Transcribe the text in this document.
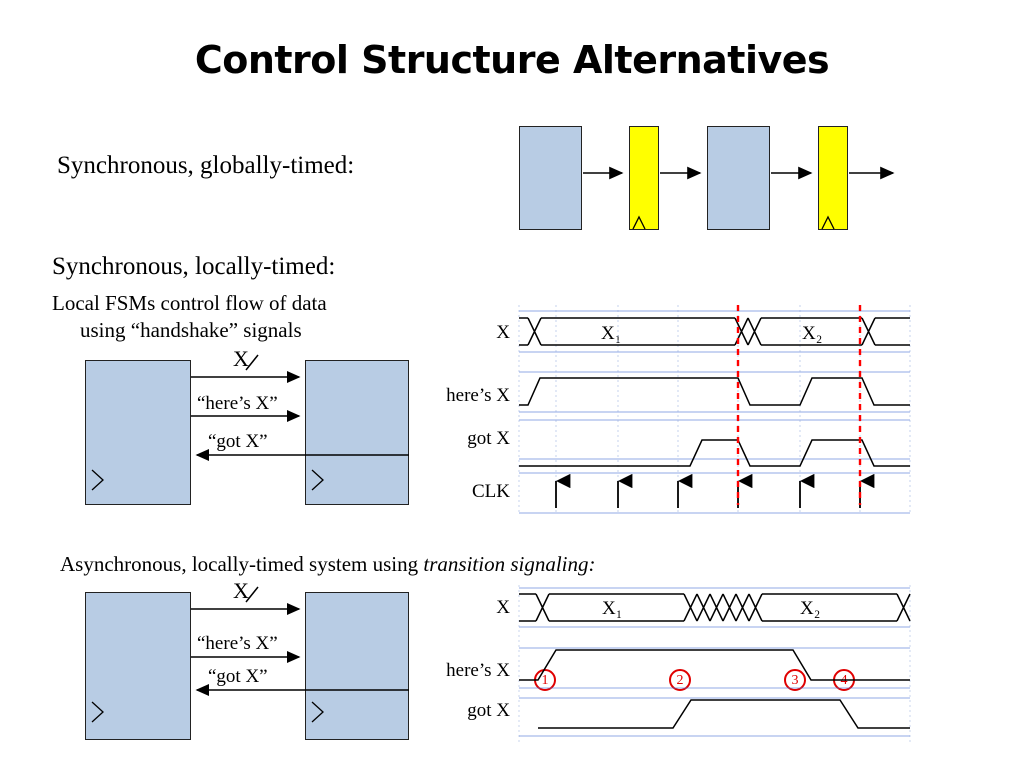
Control Structure Alternatives
Synchronous, globally-timed:
Synchronous, locally-timed:
Local FSMs control flow of data
using “handshake” signals
X
“here’s X”
“got X”
X
here’s X
got X
CLK
X₁	X₂
Asynchronous, locally-timed system using transition signaling:
X
“here’s X”
“got X”
X
here’s X
got X
X₁	X₂
1	2	3	4
